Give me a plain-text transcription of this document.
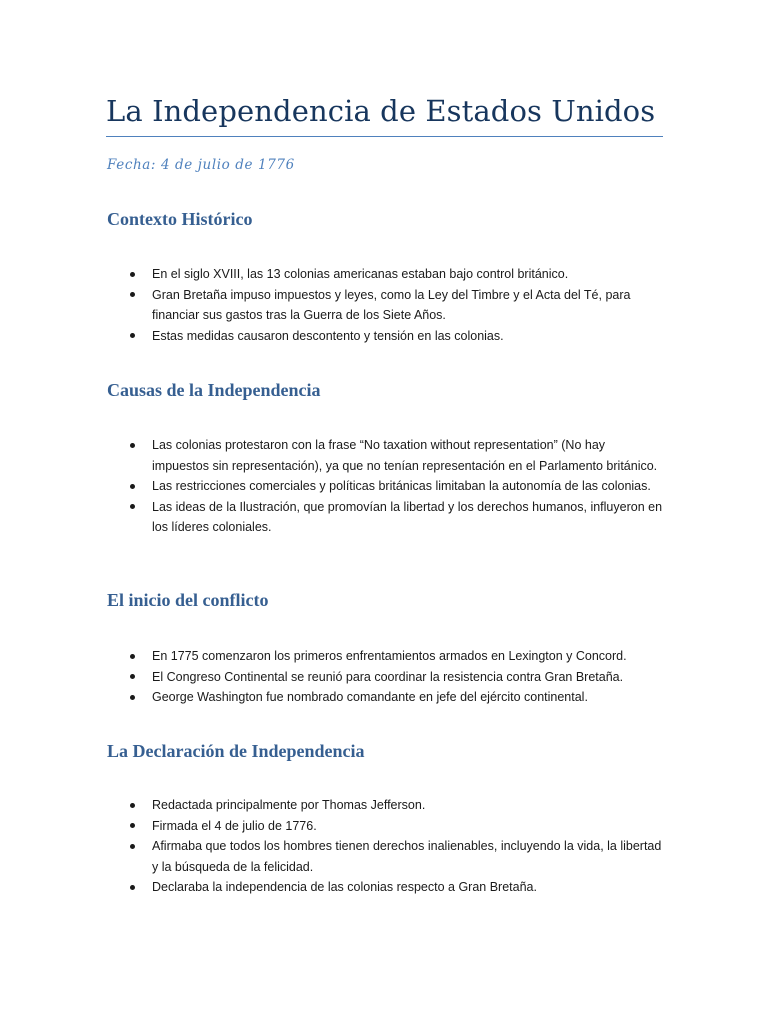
La Independencia de Estados Unidos

Fecha: 4 de julio de 1776

Contexto Histórico
En el siglo XVIII, las 13 colonias americanas estaban bajo control británico.
Gran Bretaña impuso impuestos y leyes, como la Ley del Timbre y el Acta del Té, para financiar sus gastos tras la Guerra de los Siete Años.
Estas medidas causaron descontento y tensión en las colonias.
Causas de la Independencia
Las colonias protestaron con la frase “No taxation without representation” (No hay impuestos sin representación), ya que no tenían representación en el Parlamento británico.
Las restricciones comerciales y políticas británicas limitaban la autonomía de las colonias.
Las ideas de la Ilustración, que promovían la libertad y los derechos humanos, influyeron en los líderes coloniales.
El inicio del conflicto
En 1775 comenzaron los primeros enfrentamientos armados en Lexington y Concord.
El Congreso Continental se reunió para coordinar la resistencia contra Gran Bretaña.
George Washington fue nombrado comandante en jefe del ejército continental.
La Declaración de Independencia
Redactada principalmente por Thomas Jefferson.
Firmada el 4 de julio de 1776.
Afirmaba que todos los hombres tienen derechos inalienables, incluyendo la vida, la libertad y la búsqueda de la felicidad.
Declaraba la independencia de las colonias respecto a Gran Bretaña.
